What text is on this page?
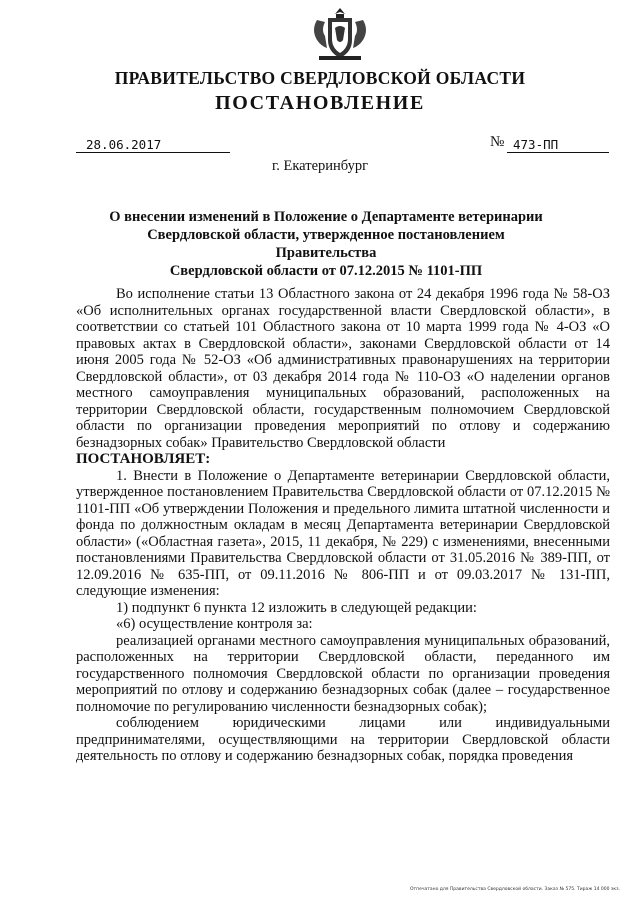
ПРАВИТЕЛЬСТВО СВЕРДЛОВСКОЙ ОБЛАСТИ
ПОСТАНОВЛЕНИЕ
28.06.2017	№ 473-ПП
г. Екатеринбург
О внесении изменений в Положение о Департаменте ветеринарии
Свердловской области, утвержденное постановлением Правительства
Свердловской области от 07.12.2015 № 1101-ПП

Во исполнение статьи 13 Областного закона от 24 декабря 1996 года № 58-ОЗ «Об исполнительных органах государственной власти Свердловской области», в соответствии со статьей 101 Областного закона от 10 марта 1999 года № 4-ОЗ «О правовых актах в Свердловской области», законами Свердловской области от 14 июня 2005 года № 52-ОЗ «Об административных правонарушениях на территории Свердловской области», от 03 декабря 2014 года № 110-ОЗ «О наделении органов местного самоуправления муниципальных образований, расположенных на территории Свердловской области, государственным полномочием Свердловской области по организации проведения мероприятий по отлову и содержанию безнадзорных собак» Правительство Свердловской области

ПОСТАНОВЛЯЕТ:

1. Внести в Положение о Департаменте ветеринарии Свердловской области, утвержденное постановлением Правительства Свердловской области от 07.12.2015 № 1101-ПП «Об утверждении Положения и предельного лимита штатной численности и фонда по должностным окладам в месяц Департамента ветеринарии Свердловской области» («Областная газета», 2015, 11 декабря, № 229) с изменениями, внесенными постановлениями Правительства Свердловской области от 31.05.2016 № 389-ПП, от 12.09.2016 № 635-ПП, от 09.11.2016 № 806-ПП и от 09.03.2017 № 131-ПП, следующие изменения:

1) подпункт 6 пункта 12 изложить в следующей редакции:

«6) осуществление контроля за:

реализацией органами местного самоуправления муниципальных образований, расположенных на территории Свердловской области, переданного им государственного полномочия Свердловской области по организации проведения мероприятий по отлову и содержанию безнадзорных собак (далее – государственное полномочие по регулированию численности безнадзорных собак);

соблюдением юридическими лицами или индивидуальными предпринимателями, осуществляющими на территории Свердловской области деятельность по отлову и содержанию безнадзорных собак, порядка проведения

Отпечатано для Правительства Свердловской области. Заказ № 575. Тираж 14 000 экз.
